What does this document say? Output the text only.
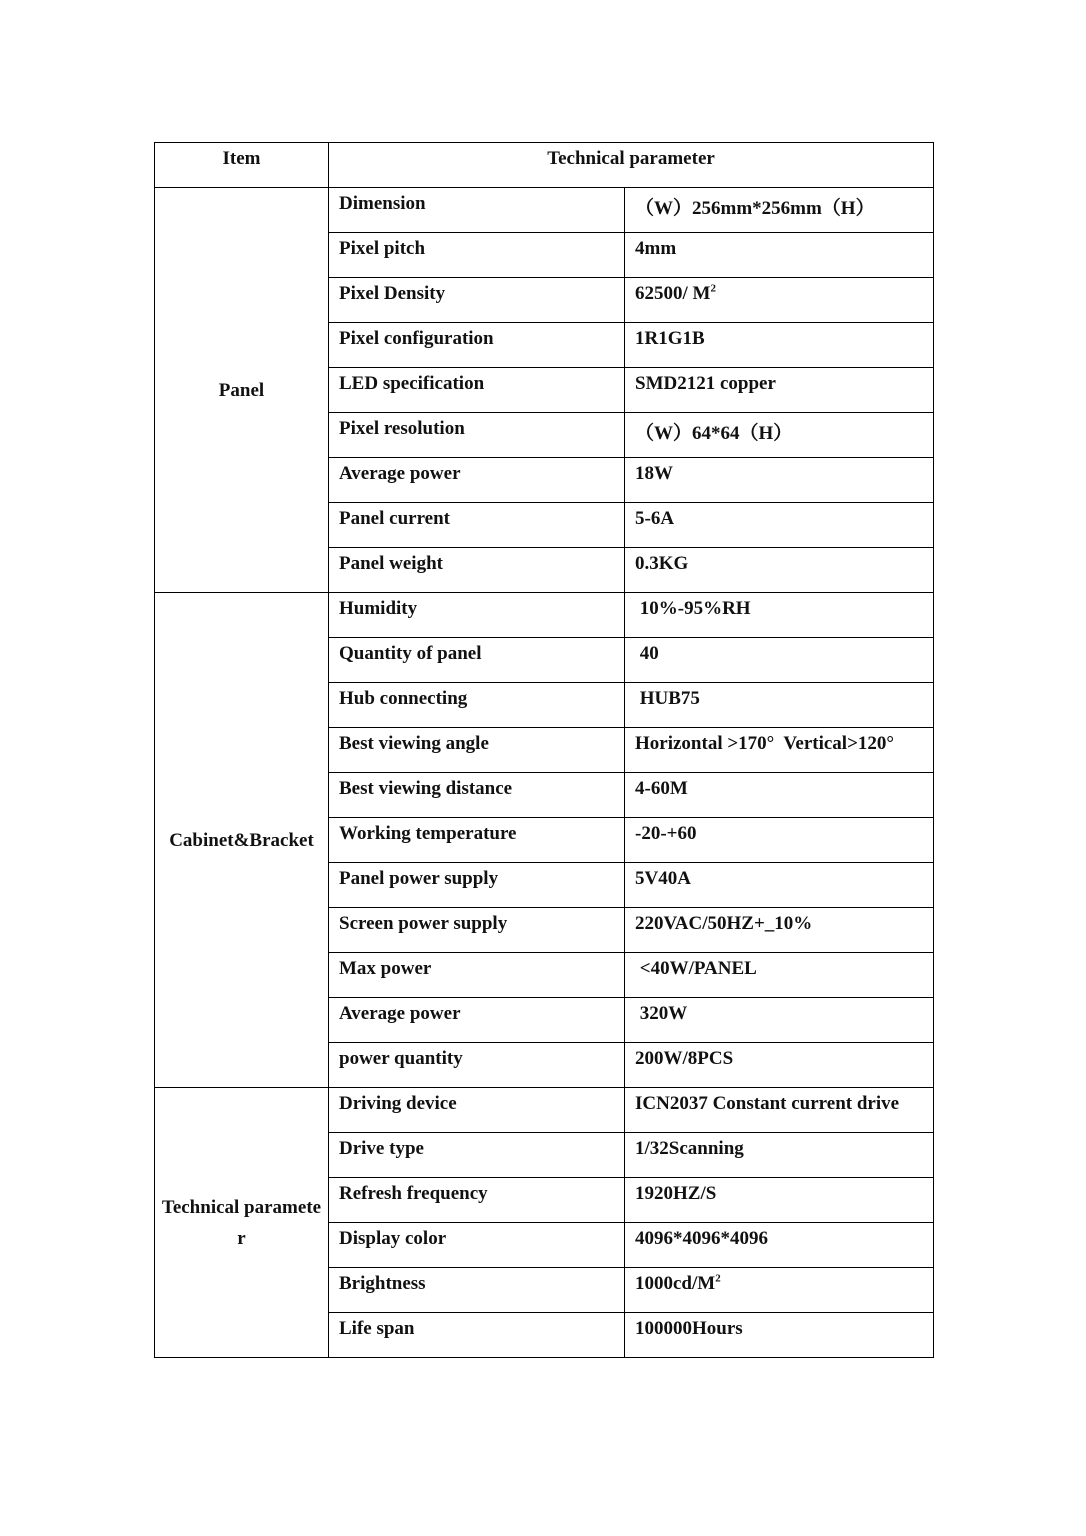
Item	Technical parameter	
Panel	Dimension	（W）256mm*256mm（H）
	Pixel pitch	4mm
	Pixel Density	62500/ $M^2$
	Pixel configuration	1R1G1B
	LED specification	SMD2121 copper
	Pixel resolution	（W）64*64（H）
	Average power	18W
	Panel current	5-6A
	Panel weight	0.3KG
Cabinet&Bracket	Humidity	10%-95%RH
	Quantity of panel	40
	Hub connecting	HUB75
	Best viewing angle	Horizontal >170°  Vertical>120°
	Best viewing distance	4-60M
	Working temperature	-20-+60
	Panel power supply	5V40A
	Screen power supply	220VAC/50HZ+_10%
	Max power	<40W/PANEL
	Average power	320W
	power quantity	200W/8PCS
Technical parameter	Driving device	ICN2037 Constant current drive
	Drive type	1/32Scanning
	Refresh frequency	1920HZ/S
	Display color	4096*4096*4096
	Brightness	$1000cd/M^2$
	Life span	100000Hours
